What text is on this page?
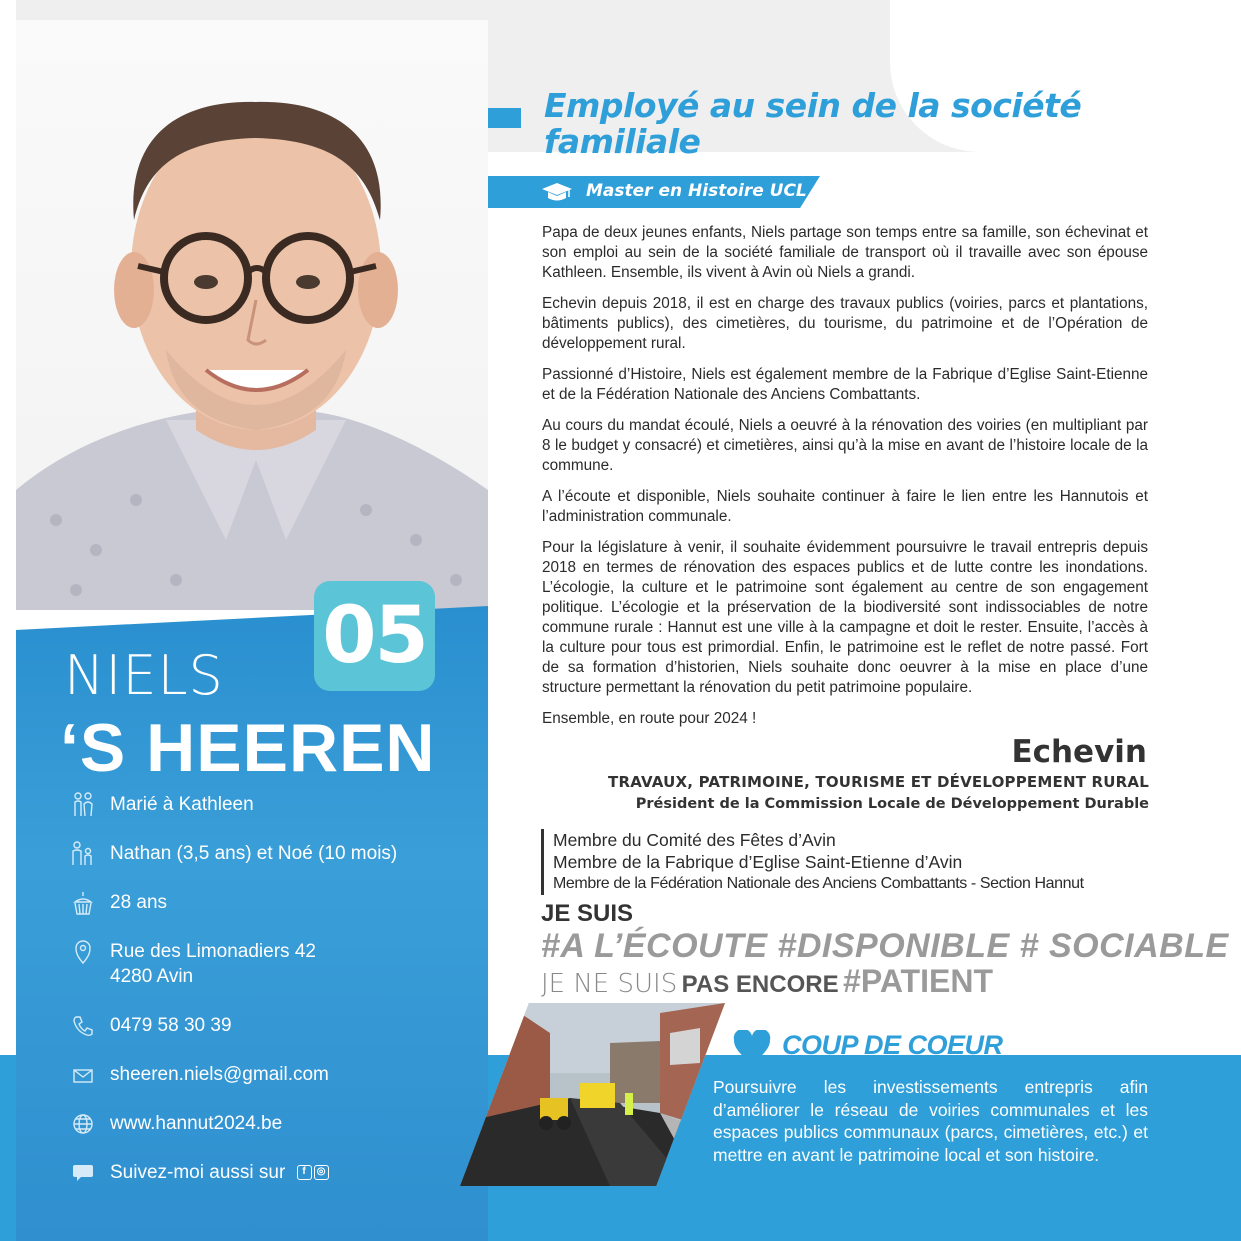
05
NIELS
‘S HEEREN
Marié à Kathleen
Nathan (3,5 ans) et Noé (10 mois)
28 ans
Rue des Limonadiers 42
4280 Avin
0479 58 30 39
sheeren.niels@gmail.com
www.hannut2024.be
Suivez-moi aussi sur	f	◎
Employé au sein de la société familiale
Master en Histoire UCL

Papa de deux jeunes enfants, Niels partage son temps entre sa famille, son échevinat et son emploi au sein de la société familiale de transport où il travaille avec son épouse Kathleen. Ensemble, ils vivent à Avin où Niels a grandi.

Echevin depuis 2018, il est en charge des travaux publics (voiries, parcs et plantations, bâtiments publics), des cimetières, du tourisme, du patrimoine et de l’Opération de développement rural.

Passionné d’Histoire, Niels est également membre de la Fabrique d’Eglise Saint-Etienne et de la Fédération Nationale des Anciens Combattants.

Au cours du mandat écoulé, Niels a oeuvré à la rénovation des voiries (en multipliant par 8 le budget y consacré) et cimetières, ainsi qu’à la mise en avant de l’histoire locale de la commune.

A l’écoute et disponible, Niels souhaite continuer à faire le lien entre les Hannutois et l’administration communale.

Pour la législature à venir, il souhaite évidemment poursuivre le travail entrepris depuis 2018 en termes de rénovation des espaces publics et de lutte contre les inondations. L’écologie, la culture et le patrimoine sont également au centre de son engagement politique. L’écologie et la préservation de la biodiversité sont indissociables de notre commune rurale : Hannut est une ville à la campagne et doit le rester. Ensuite, l’accès à la culture pour tous est primordial. Enfin, le patrimoine est le reflet de notre passé. Fort de sa formation d’historien, Niels souhaite donc oeuvrer à la mise en place d’une structure permettant la rénovation du petit patrimoine populaire.

Ensemble, en route pour 2024 !

Echevin
TRAVAUX, PATRIMOINE, TOURISME ET DÉVELOPPEMENT RURAL
Président de la Commission Locale de Développement Durable
Membre du Comité des Fêtes d’Avin
Membre de la Fabrique d’Eglise Saint-Etienne d’Avin
Membre de la Fédération Nationale des Anciens Combattants - Section Hannut
JE SUIS
#A L’ÉCOUTE #DISPONIBLE # SOCIABLE
JE NE SUIS PAS ENCORE #PATIENT
COUP DE COEUR
Poursuivre les investissements entrepris afin d’améliorer le réseau de voiries communales et les espaces publics communaux (parcs, cimetières, etc.) et mettre en avant le patrimoine local et son histoire.
